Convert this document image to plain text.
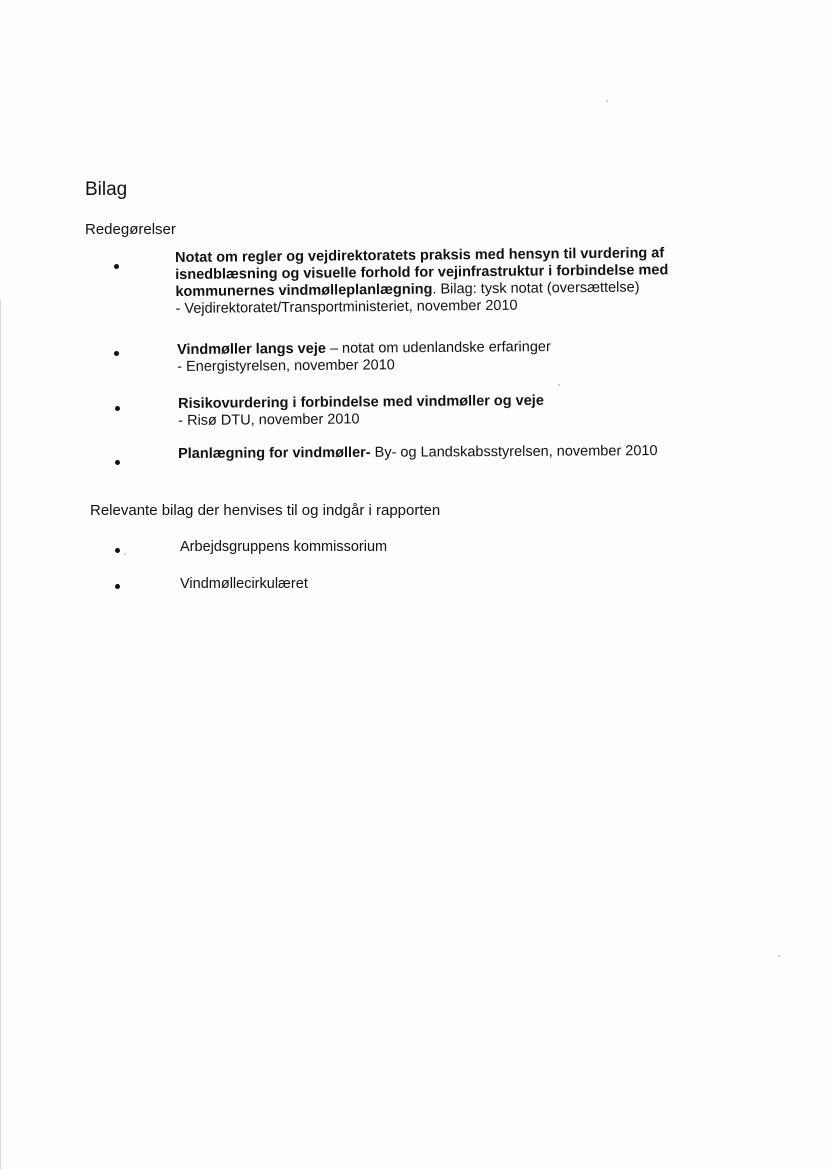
Bilag
Redegørelser
Notat om regler og vejdirektoratets praksis med hensyn til vurdering af
isnedblæsning og visuelle forhold for vejinfrastruktur i forbindelse med
kommunernes vindmølleplanlægning. Bilag: tysk notat (oversættelse)
- Vejdirektoratet/Transportministeriet, november 2010
Vindmøller langs veje – notat om udenlandske erfaringer
- Energistyrelsen, november 2010
Risikovurdering i forbindelse med vindmøller og veje
- Risø DTU, november 2010
Planlægning for vindmøller- By- og Landskabsstyrelsen, november 2010
Relevante bilag der henvises til og indgår i rapporten
Arbejdsgruppens kommissorium
Vindmøllecirkulæret
